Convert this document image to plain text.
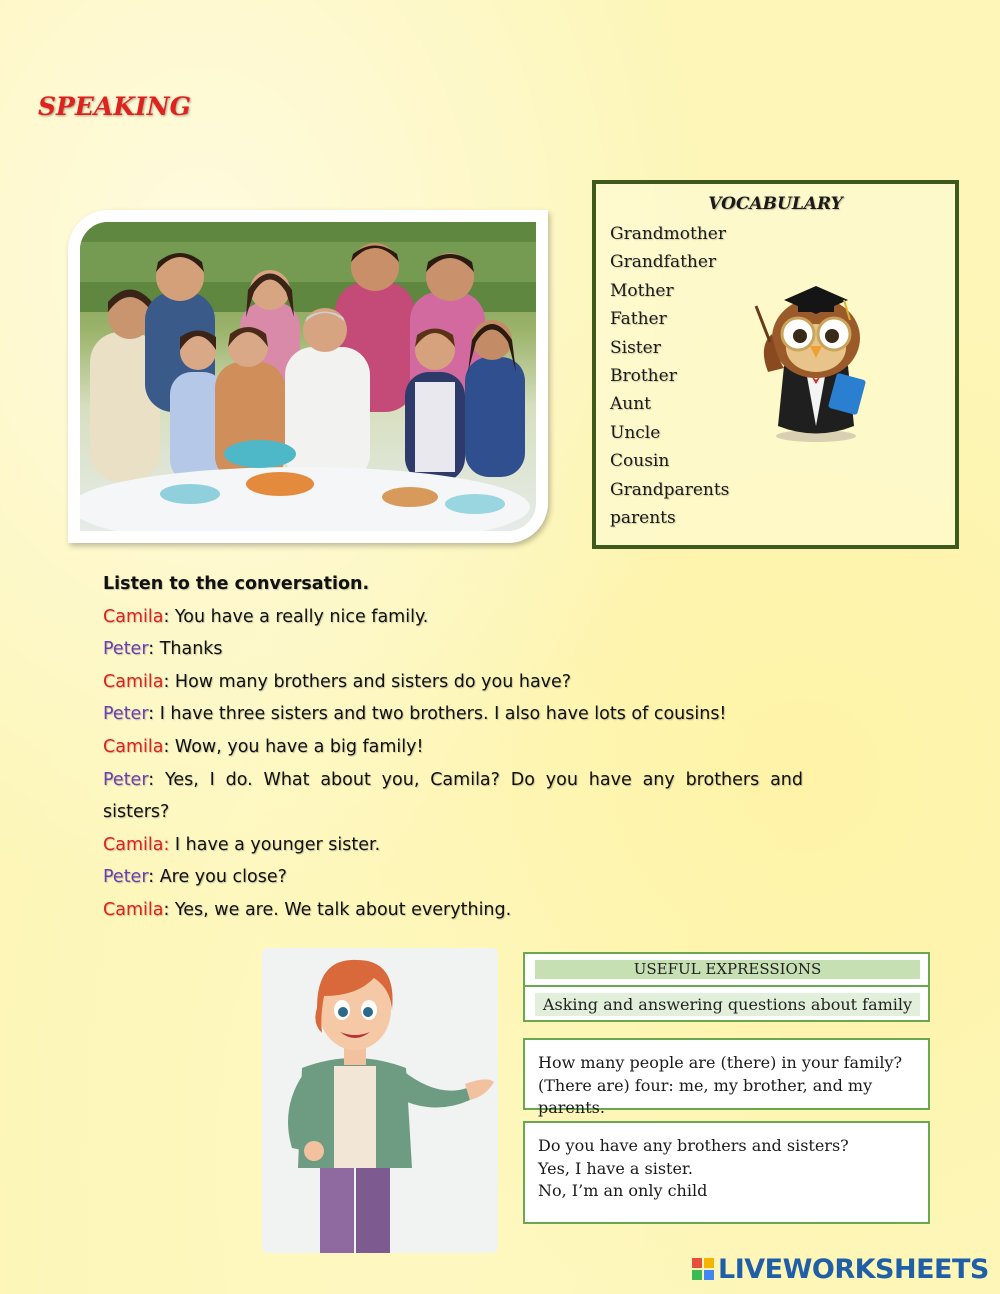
SPEAKING
VOCABULARY
Grandmother
Grandfather
Mother
Father
Sister
Brother
Aunt
Uncle
Cousin
Grandparents
parents
Listen to the conversation.
Camila: You have a really nice family.
Peter: Thanks
Camila: How many brothers and sisters do you have?
Peter: I have three sisters and two brothers. I also have lots of cousins!
Camila: Wow, you have a big family!
Peter: Yes, I do. What about you, Camila? Do you have any brothers and
sisters?
Camila: I have a younger sister.
Peter: Are you close?
Camila: Yes, we are. We talk about everything.
USEFUL EXPRESSIONS
Asking and answering questions about family
How many people are (there) in your family?
(There are) four: me, my brother, and my parents.
Do you have any brothers and sisters?
Yes, I have a sister.
No, I’m an only child
LIVEWORKSHEETS
